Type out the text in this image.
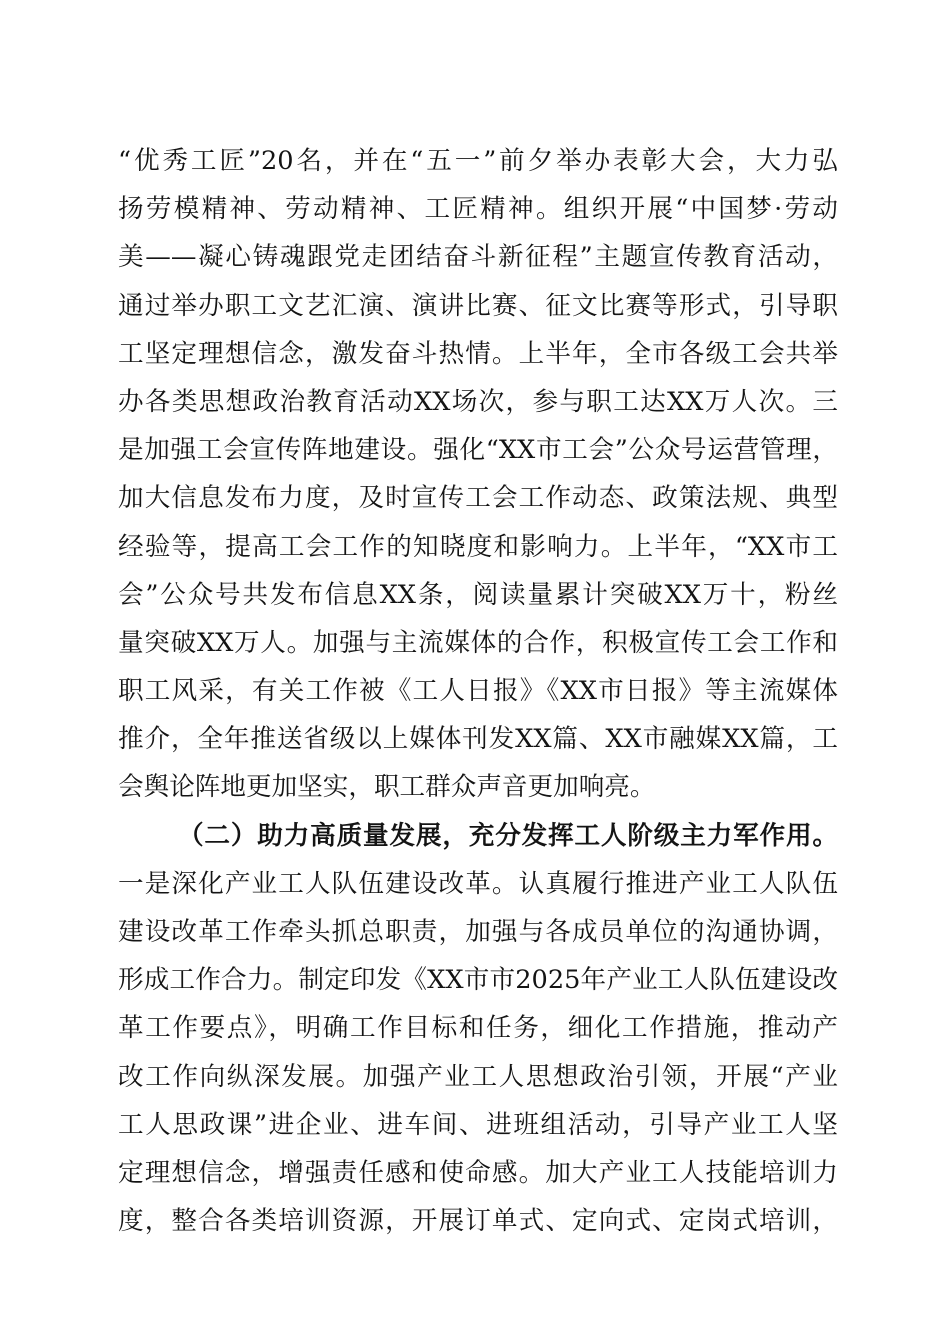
“优秀工匠”20名，并在“五一”前夕举办表彰大会，大力弘
扬劳模精神、劳动精神、工匠精神。组织开展“中国梦·劳动
美——凝心铸魂跟党走团结奋斗新征程”主题宣传教育活动，
通过举办职工文艺汇演、演讲比赛、征文比赛等形式，引导职
工坚定理想信念，激发奋斗热情。上半年，全市各级工会共举
办各类思想政治教育活动XX场次，参与职工达XX万人次。三
是加强工会宣传阵地建设。强化“XX市工会”公众号运营管理，
加大信息发布力度，及时宣传工会工作动态、政策法规、典型
经验等，提高工会工作的知晓度和影响力。上半年，“XX市工
会”公众号共发布信息XX条，阅读量累计突破XX万十，粉丝
量突破XX万人。加强与主流媒体的合作，积极宣传工会工作和
职工风采，有关工作被《工人日报》《XX市日报》等主流媒体
推介，全年推送省级以上媒体刊发XX篇、XX市融媒XX篇，工
会舆论阵地更加坚实，职工群众声音更加响亮。
（二）助力高质量发展，充分发挥工人阶级主力军作用。
一是深化产业工人队伍建设改革。认真履行推进产业工人队伍
建设改革工作牵头抓总职责，加强与各成员单位的沟通协调，
形成工作合力。制定印发《XX市市2025年产业工人队伍建设改
革工作要点》，明确工作目标和任务，细化工作措施，推动产
改工作向纵深发展。加强产业工人思想政治引领，开展“产业
工人思政课”进企业、进车间、进班组活动，引导产业工人坚
定理想信念，增强责任感和使命感。加大产业工人技能培训力
度，整合各类培训资源，开展订单式、定向式、定岗式培训，
